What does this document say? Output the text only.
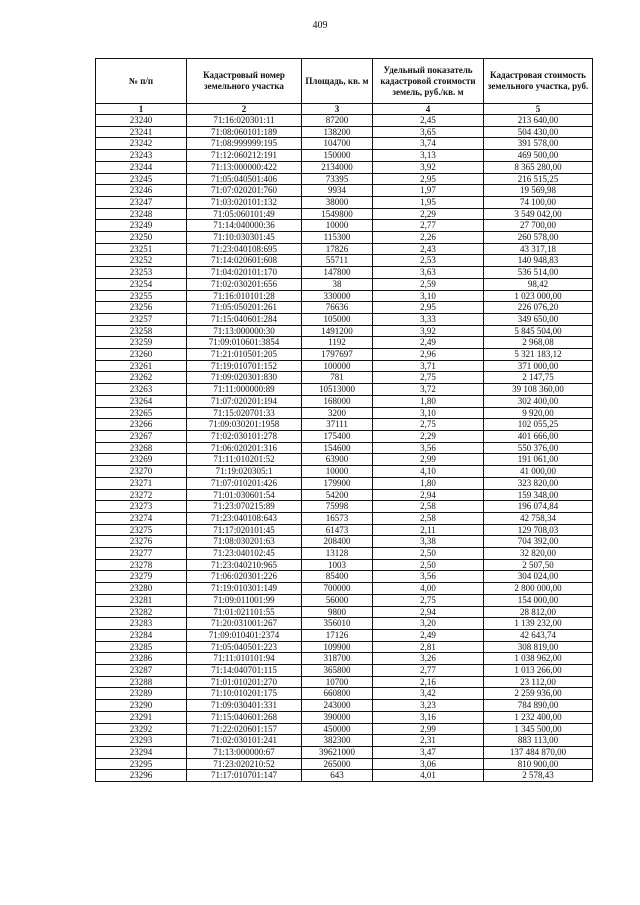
409
№ п/п	Кадастровый номер земельного участка	Площадь, кв. м	Удельный показатель кадастровой стоимости земель, руб./кв. м	Кадастровая стоимость земельного участка, руб.
1	2	3	4	5
23240	71:16:020301:11	87200	2,45	213 640,00
23241	71:08:060101:189	138200	3,65	504 430,00
23242	71:08:999999:195	104700	3,74	391 578,00
23243	71:12:060212:191	150000	3,13	469 500,00
23244	71:13:000000:422	2134000	3,92	8 365 280,00
23245	71:05:040501:406	73395	2,95	216 515,25
23246	71:07:020201:760	9934	1,97	19 569,98
23247	71:03:020101:132	38000	1,95	74 100,00
23248	71:05:060101:49	1549800	2,29	3 549 042,00
23249	71:14:040000:36	10000	2,77	27 700,00
23250	71:10:030301:45	115300	2,26	260 578,00
23251	71:23:040108:695	17826	2,43	43 317,18
23252	71:14:020601:608	55711	2,53	140 948,83
23253	71:04:020101:170	147800	3,63	536 514,00
23254	71:02:030201:656	38	2,59	98,42
23255	71:16:010101:28	330000	3,10	1 023 000,00
23256	71:05:050201:261	76636	2,95	226 076,20
23257	71:15:040601:284	105000	3,33	349 650,00
23258	71:13:000000:30	1491200	3,92	5 845 504,00
23259	71:09:010601:3854	1192	2,49	2 968,08
23260	71:21:010501:205	1797697	2,96	5 321 183,12
23261	71:19:010701:152	100000	3,71	371 000,00
23262	71:09:020301:830	781	2,75	2 147,75
23263	71:11:000000:89	10513000	3,72	39 108 360,00
23264	71:07:020201:194	168000	1,80	302 400,00
23265	71:15:020701:33	3200	3,10	9 920,00
23266	71:09:030201:1958	37111	2,75	102 055,25
23267	71:02:030101:278	175400	2,29	401 666,00
23268	71:06:020201:316	154600	3,56	550 376,00
23269	71:11:010201:52	63900	2,99	191 061,00
23270	71:19:020305:1	10000	4,10	41 000,00
23271	71:07:010201:426	179900	1,80	323 820,00
23272	71:01:030601:54	54200	2,94	159 348,00
23273	71:23:070215:89	75998	2,58	196 074,84
23274	71:23:040108:643	16573	2,58	42 758,34
23275	71:17:020101:45	61473	2,11	129 708,03
23276	71:08:030201:63	208400	3,38	704 392,00
23277	71:23:040102:45	13128	2,50	32 820,00
23278	71:23:040210:965	1003	2,50	2 507,50
23279	71:06:020301:226	85400	3,56	304 024,00
23280	71:19:010301:149	700000	4,00	2 800 000,00
23281	71:09:011001:99	56000	2,75	154 000,00
23282	71:01:021101:55	9800	2,94	28 812,00
23283	71:20:031001:267	356010	3,20	1 139 232,00
23284	71:09:010401:2374	17126	2,49	42 643,74
23285	71:05:040501:223	109900	2,81	308 819,00
23286	71:11:010101:94	318700	3,26	1 038 962,00
23287	71:14:040701:115	365800	2,77	1 013 266,00
23288	71:01:010201:270	10700	2,16	23 112,00
23289	71:10:010201:175	660800	3,42	2 259 936,00
23290	71:09:030401:331	243000	3,23	784 890,00
23291	71:15:040601:268	390000	3,16	1 232 400,00
23292	71:22:020601:157	450000	2,99	1 345 500,00
23293	71:02:030101:241	382300	2,31	883 113,00
23294	71:13:000000:67	39621000	3,47	137 484 870,00
23295	71:23:020210:52	265000	3,06	810 900,00
23296	71:17:010701:147	643	4,01	2 578,43
